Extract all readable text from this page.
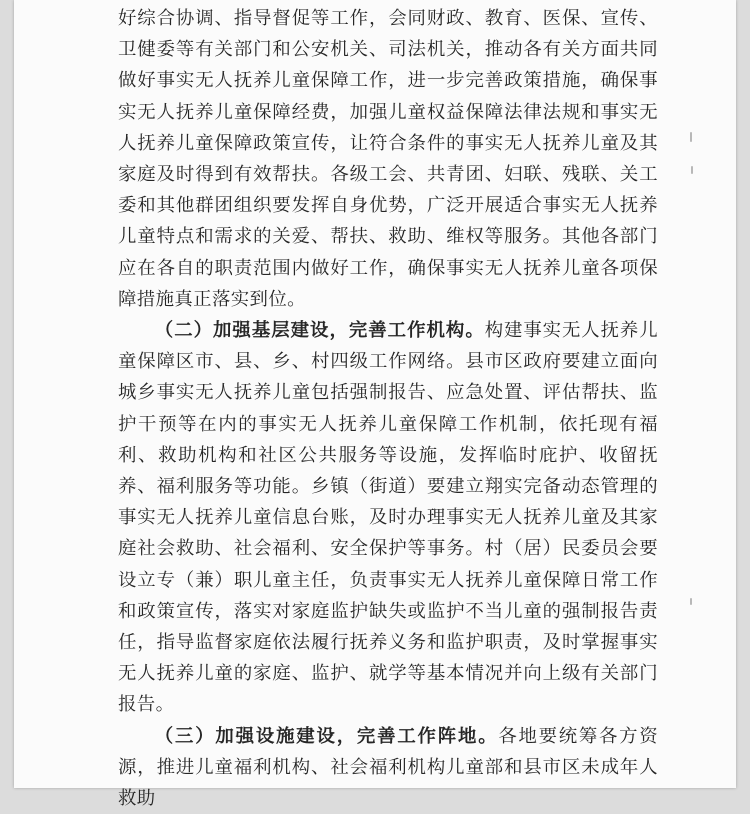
好综合协调、指导督促等工作，会同财政、教育、医保、宣传、卫健委等有关部门和公安机关、司法机关，推动各有关方面共同做好事实无人抚养儿童保障工作，进一步完善政策措施，确保事实无人抚养儿童保障经费，加强儿童权益保障法律法规和事实无人抚养儿童保障政策宣传，让符合条件的事实无人抚养儿童及其家庭及时得到有效帮扶。各级工会、共青团、妇联、残联、关工委和其他群团组织要发挥自身优势，广泛开展适合事实无人抚养儿童特点和需求的关爱、帮扶、救助、维权等服务。其他各部门应在各自的职责范围内做好工作，确保事实无人抚养儿童各项保障措施真正落实到位。

（二）加强基层建设，完善工作机构。构建事实无人抚养儿童保障区市、县、乡、村四级工作网络。县市区政府要建立面向城乡事实无人抚养儿童包括强制报告、应急处置、评估帮扶、监护干预等在内的事实无人抚养儿童保障工作机制，依托现有福利、救助机构和社区公共服务等设施，发挥临时庇护、收留抚养、福利服务等功能。乡镇（街道）要建立翔实完备动态管理的事实无人抚养儿童信息台账，及时办理事实无人抚养儿童及其家庭社会救助、社会福利、安全保护等事务。村（居）民委员会要设立专（兼）职儿童主任，负责事实无人抚养儿童保障日常工作和政策宣传，落实对家庭监护缺失或监护不当儿童的强制报告责任，指导监督家庭依法履行抚养义务和监护职责，及时掌握事实无人抚养儿童的家庭、监护、就学等基本情况并向上级有关部门报告。

（三）加强设施建设，完善工作阵地。各地要统筹各方资源，推进儿童福利机构、社会福利机构儿童部和县市区未成年人救助
